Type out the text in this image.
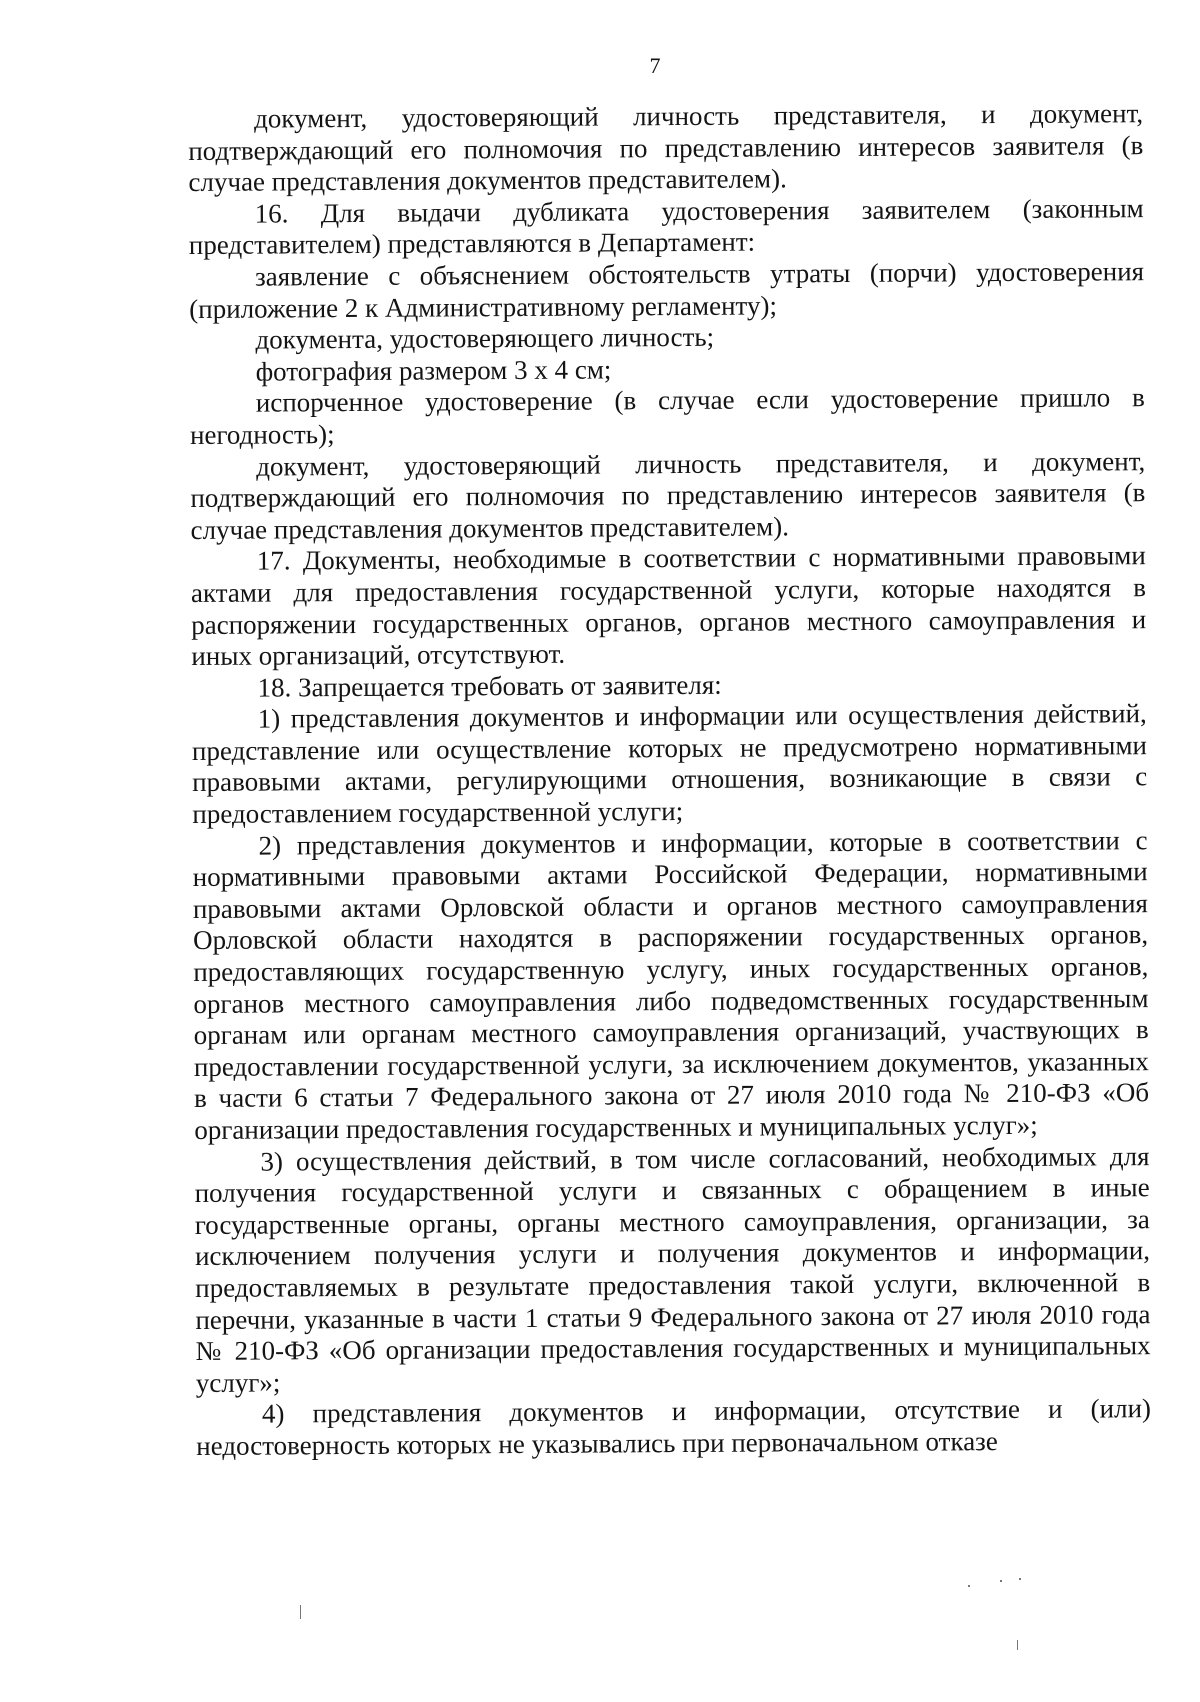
7

документ, удостоверяющий личность представителя, и документ, подтверждающий его полномочия по представлению интересов заявителя (в случае представления документов представителем).

16. Для выдачи дубликата удостоверения заявителем (законным представителем) представляются в Департамент:

заявление с объяснением обстоятельств утраты (порчи) удостоверения (приложение 2 к Административному регламенту);

документа, удостоверяющего личность;

фотография размером 3 х 4 см;

испорченное удостоверение (в случае если удостоверение пришло в негодность);

документ, удостоверяющий личность представителя, и документ, подтверждающий его полномочия по представлению интересов заявителя (в случае представления документов представителем).

17. Документы, необходимые в соответствии с нормативными правовыми актами для предоставления государственной услуги, которые находятся в распоряжении государственных органов, органов местного самоуправления и иных организаций, отсутствуют.

18. Запрещается требовать от заявителя:

1) представления документов и информации или осуществления действий, представление или осуществление которых не предусмотрено нормативными правовыми актами, регулирующими отношения, возникающие в связи с предоставлением государственной услуги;

2) представления документов и информации, которые в соответствии с нормативными правовыми актами Российской Федерации, нормативными правовыми актами Орловской области и органов местного самоуправления Орловской области находятся в распоряжении государственных органов, предоставляющих государственную услугу, иных государственных органов, органов местного самоуправления либо подведомственных государственным органам или органам местного самоуправления организаций, участвующих в предоставлении государственной услуги, за исключением документов, указанных в части 6 статьи 7 Федерального закона от 27 июля 2010 года № 210-ФЗ «Об организации предоставления государственных и муниципальных услуг»;

3) осуществления действий, в том числе согласований, необходимых для получения государственной услуги и связанных с обращением в иные государственные органы, органы местного самоуправления, организации, за исключением получения услуги и получения документов и информации, предоставляемых в результате предоставления такой услуги, включенной в перечни, указанные в части 1 статьи 9 Федерального закона от 27 июля 2010 года № 210-ФЗ «Об организации предоставления государственных и муниципальных услуг»;

4) представления документов и информации, отсутствие и (или) недостоверность которых не указывались при первоначальном отказе
